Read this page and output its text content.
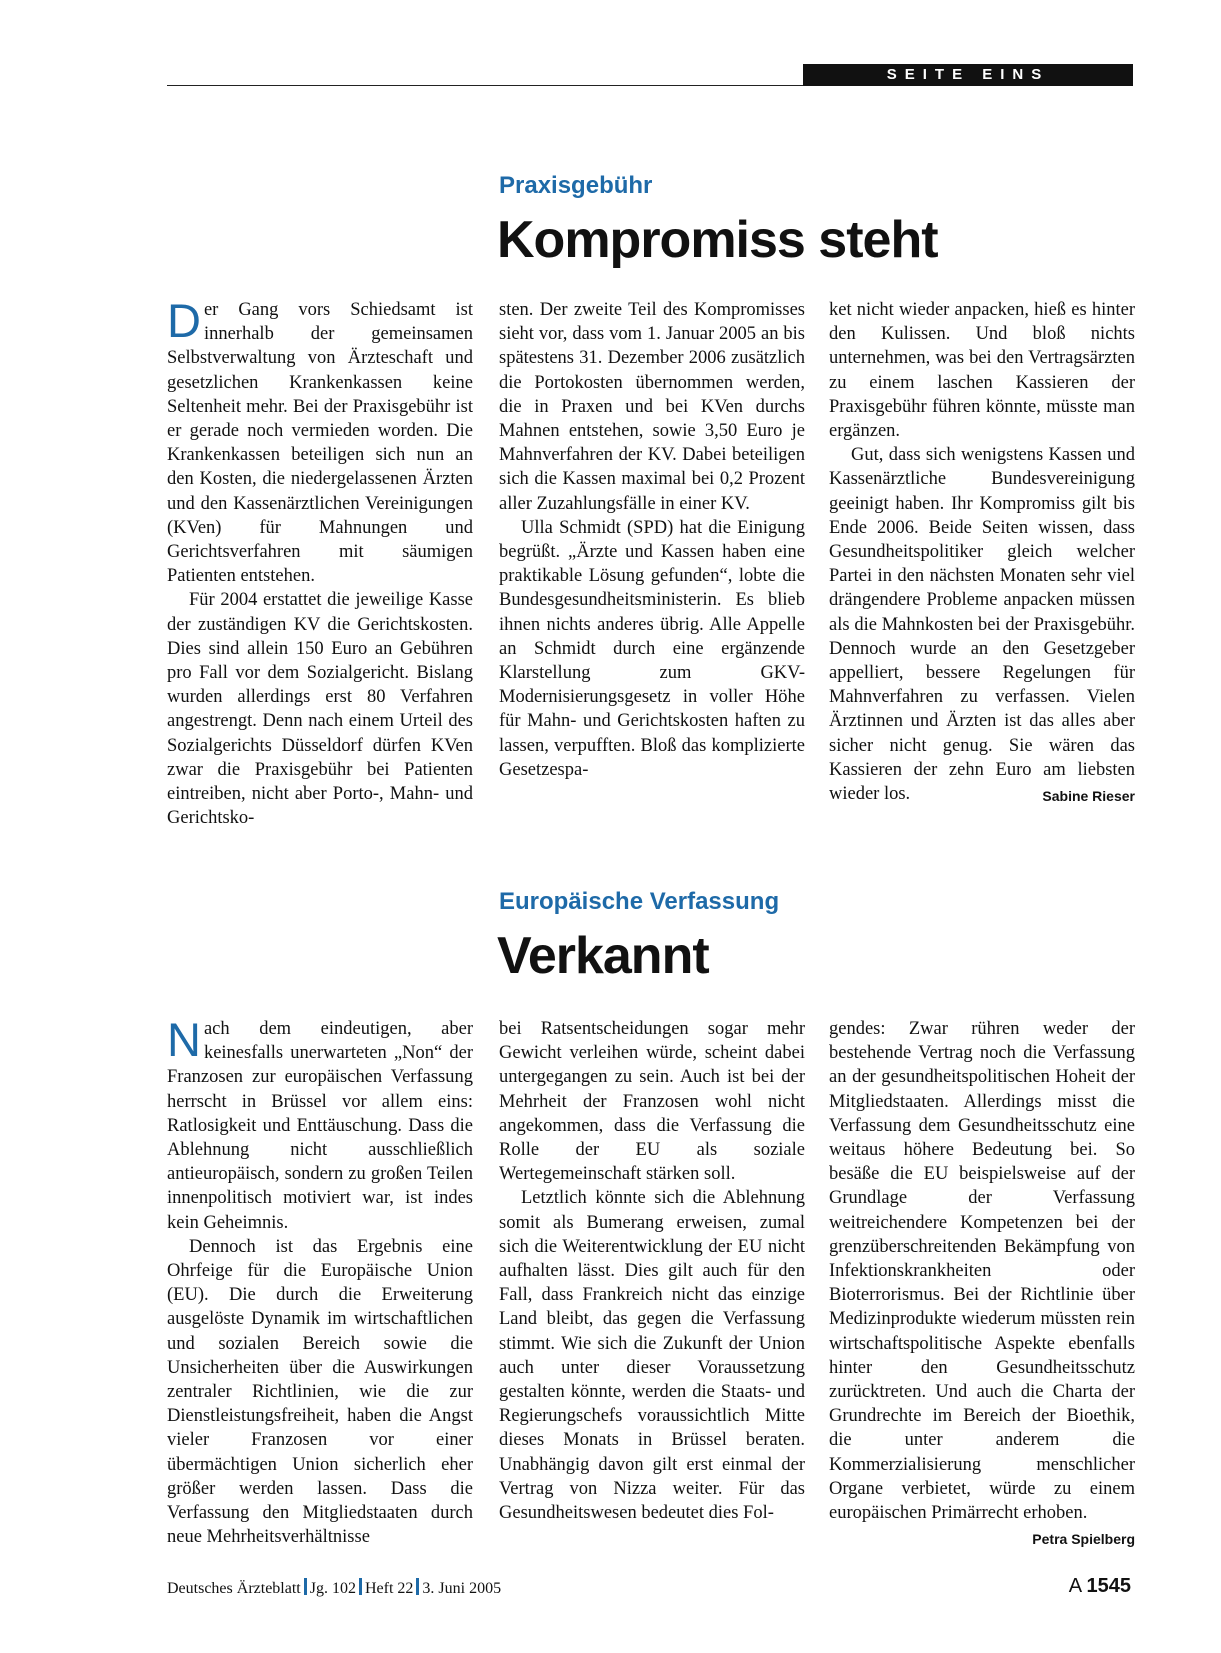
SEITE EINS
Praxisgebühr
Kompromiss steht

Der Gang vors Schiedsamt ist innerhalb der gemeinsamen Selbstverwaltung von Ärzteschaft und gesetzlichen Krankenkassen keine Seltenheit mehr. Bei der Praxisgebühr ist er gerade noch vermieden worden. Die Krankenkassen beteiligen sich nun an den Kosten, die niedergelassenen Ärzten und den Kassenärztlichen Vereinigungen (KVen) für Mahnungen und Gerichtsverfahren mit säumigen Patienten entstehen.

Für 2004 erstattet die jeweilige Kasse der zuständigen KV die Gerichtskosten. Dies sind allein 150 Euro an Gebühren pro Fall vor dem Sozialgericht. Bislang wurden allerdings erst 80 Verfahren angestrengt. Denn nach einem Urteil des Sozialgerichts Düsseldorf dürfen KVen zwar die Praxisgebühr bei Patienten eintreiben, nicht aber Porto-, Mahn- und Gerichtsko-

sten. Der zweite Teil des Kompromisses sieht vor, dass vom 1. Januar 2005 an bis spätestens 31. Dezember 2006 zusätzlich die Portokosten übernommen werden, die in Praxen und bei KVen durchs Mahnen entstehen, sowie 3,50 Euro je Mahnverfahren der KV. Dabei beteiligen sich die Kassen maximal bei 0,2 Prozent aller Zuzahlungsfälle in einer KV.

Ulla Schmidt (SPD) hat die Einigung begrüßt. „Ärzte und Kassen haben eine praktikable Lösung gefunden“, lobte die Bundesgesundheitsministerin. Es blieb ihnen nichts anderes übrig. Alle Appelle an Schmidt durch eine ergänzende Klarstellung zum GKV-Modernisierungsgesetz in voller Höhe für Mahn- und Gerichtskosten haften zu lassen, verpufften. Bloß das komplizierte Gesetzespa-

ket nicht wieder anpacken, hieß es hinter den Kulissen. Und bloß nichts unternehmen, was bei den Vertragsärzten zu einem laschen Kassieren der Praxisgebühr führen könnte, müsste man ergänzen.

Gut, dass sich wenigstens Kassen und Kassenärztliche Bundesvereinigung geeinigt haben. Ihr Kompromiss gilt bis Ende 2006. Beide Seiten wissen, dass Gesundheitspolitiker gleich welcher Partei in den nächsten Monaten sehr viel drängendere Probleme anpacken müssen als die Mahnkosten bei der Praxisgebühr. Dennoch wurde an den Gesetzgeber appelliert, bessere Regelungen für Mahnverfahren zu verfassen. Vielen Ärztinnen und Ärzten ist das alles aber sicher nicht genug. Sie wären das Kassieren der zehn Euro am liebsten wieder los.	Sabine Rieser

Europäische Verfassung
Verkannt

Nach dem eindeutigen, aber keinesfalls unerwarteten „Non“ der Franzosen zur europäischen Verfassung herrscht in Brüssel vor allem eins: Ratlosigkeit und Enttäuschung. Dass die Ablehnung nicht ausschließlich antieuropäisch, sondern zu großen Teilen innenpolitisch motiviert war, ist indes kein Geheimnis.

Dennoch ist das Ergebnis eine Ohrfeige für die Europäische Union (EU). Die durch die Erweiterung ausgelöste Dynamik im wirtschaftlichen und sozialen Bereich sowie die Unsicherheiten über die Auswirkungen zentraler Richtlinien, wie die zur Dienstleistungsfreiheit, haben die Angst vieler Franzosen vor einer übermächtigen Union sicherlich eher größer werden lassen. Dass die Verfassung den Mitgliedstaaten durch neue Mehrheitsverhältnisse

bei Ratsentscheidungen sogar mehr Gewicht verleihen würde, scheint dabei untergegangen zu sein. Auch ist bei der Mehrheit der Franzosen wohl nicht angekommen, dass die Verfassung die Rolle der EU als soziale Wertegemeinschaft stärken soll.

Letztlich könnte sich die Ablehnung somit als Bumerang erweisen, zumal sich die Weiterentwicklung der EU nicht aufhalten lässt. Dies gilt auch für den Fall, dass Frankreich nicht das einzige Land bleibt, das gegen die Verfassung stimmt. Wie sich die Zukunft der Union auch unter dieser Voraussetzung gestalten könnte, werden die Staats- und Regierungschefs voraussichtlich Mitte dieses Monats in Brüssel beraten. Unabhängig davon gilt erst einmal der Vertrag von Nizza weiter. Für das Gesundheitswesen bedeutet dies Fol-

gendes: Zwar rühren weder der bestehende Vertrag noch die Verfassung an der gesundheitspolitischen Hoheit der Mitgliedstaaten. Allerdings misst die Verfassung dem Gesundheitsschutz eine weitaus höhere Bedeutung bei. So besäße die EU beispielsweise auf der Grundlage der Verfassung weitreichendere Kompetenzen bei der grenzüberschreitenden Bekämpfung von Infektionskrankheiten oder Bioterrorismus. Bei der Richtlinie über Medizinprodukte wiederum müssten rein wirtschaftspolitische Aspekte ebenfalls hinter den Gesundheitsschutz zurücktreten. Und auch die Charta der Grundrechte im Bereich der Bioethik, die unter anderem die Kommerzialisierung menschlicher Organe verbietet, würde zu einem europäischen Primärrecht erhoben.
Petra Spielberg

Deutsches Ärzteblatt Jg. 102 Heft 22 3. Juni 2005	A 1545
